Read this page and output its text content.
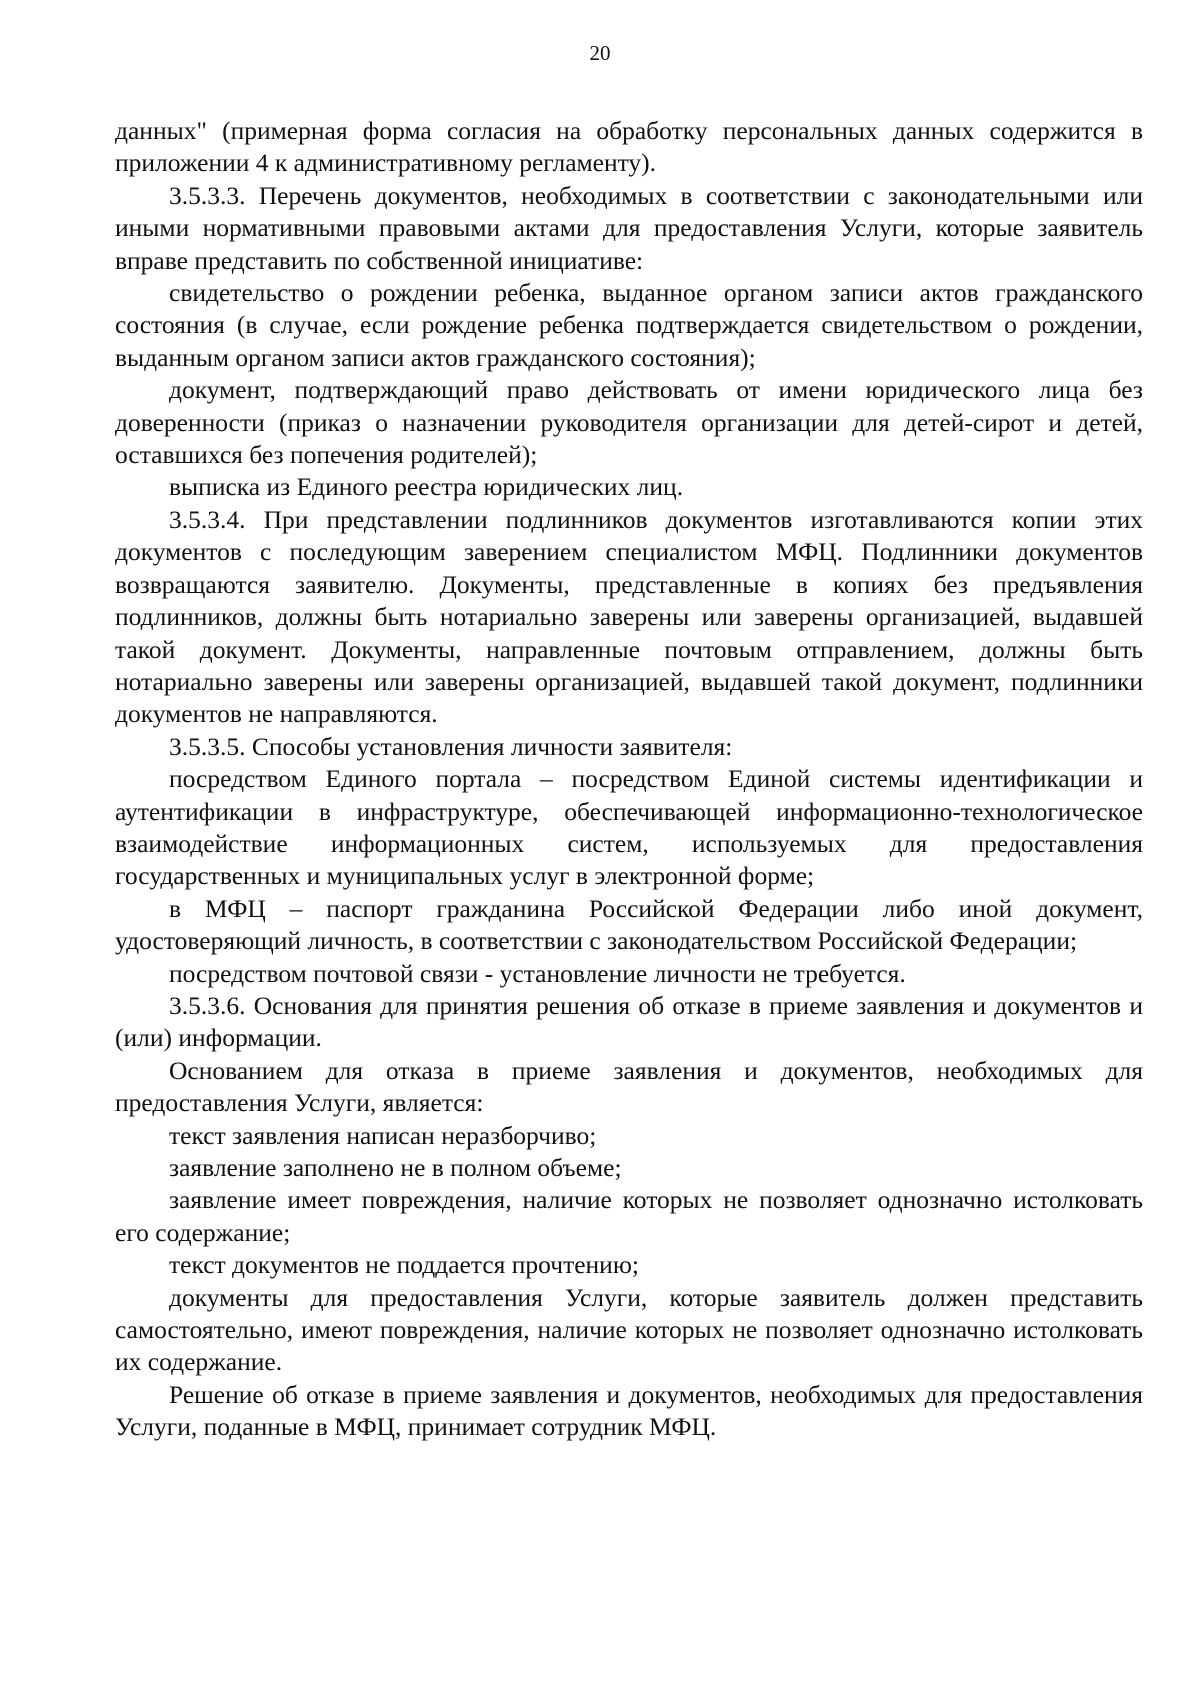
20

данных" (примерная форма согласия на обработку персональных данных содержится в приложении 4 к административному регламенту).

3.5.3.3. Перечень документов, необходимых в соответствии с законодательными или иными нормативными правовыми актами для предоставления Услуги, которые заявитель вправе представить по собственной инициативе:

свидетельство о рождении ребенка, выданное органом записи актов гражданского состояния (в случае, если рождение ребенка подтверждается свидетельством о рождении, выданным органом записи актов гражданского состояния);

документ, подтверждающий право действовать от имени юридического лица без доверенности (приказ о назначении руководителя организации для детей-сирот и детей, оставшихся без попечения родителей);

выписка из Единого реестра юридических лиц.

3.5.3.4. При представлении подлинников документов изготавливаются копии этих документов с последующим заверением специалистом МФЦ. Подлинники документов возвращаются заявителю. Документы, представленные в копиях без предъявления подлинников, должны быть нотариально заверены или заверены организацией, выдавшей такой документ. Документы, направленные почтовым отправлением, должны быть нотариально заверены или заверены организацией, выдавшей такой документ, подлинники документов не направляются.

3.5.3.5. Способы установления личности заявителя:

посредством Единого портала – посредством Единой системы идентификации и аутентификации в инфраструктуре, обеспечивающей информационно-технологическое взаимодействие информационных систем, используемых для предоставления государственных и муниципальных услуг в электронной форме;

в МФЦ – паспорт гражданина Российской Федерации либо иной документ, удостоверяющий личность, в соответствии с законодательством Российской Федерации;

посредством почтовой связи - установление личности не требуется.

3.5.3.6. Основания для принятия решения об отказе в приеме заявления и документов и (или) информации.

Основанием для отказа в приеме заявления и документов, необходимых для предоставления Услуги, является:

текст заявления написан неразборчиво;

заявление заполнено не в полном объеме;

заявление имеет повреждения, наличие которых не позволяет однозначно истолковать его содержание;

текст документов не поддается прочтению;

документы для предоставления Услуги, которые заявитель должен представить самостоятельно, имеют повреждения, наличие которых не позволяет однозначно истолковать их содержание.

Решение об отказе в приеме заявления и документов, необходимых для предоставления Услуги, поданные в МФЦ, принимает сотрудник МФЦ.
